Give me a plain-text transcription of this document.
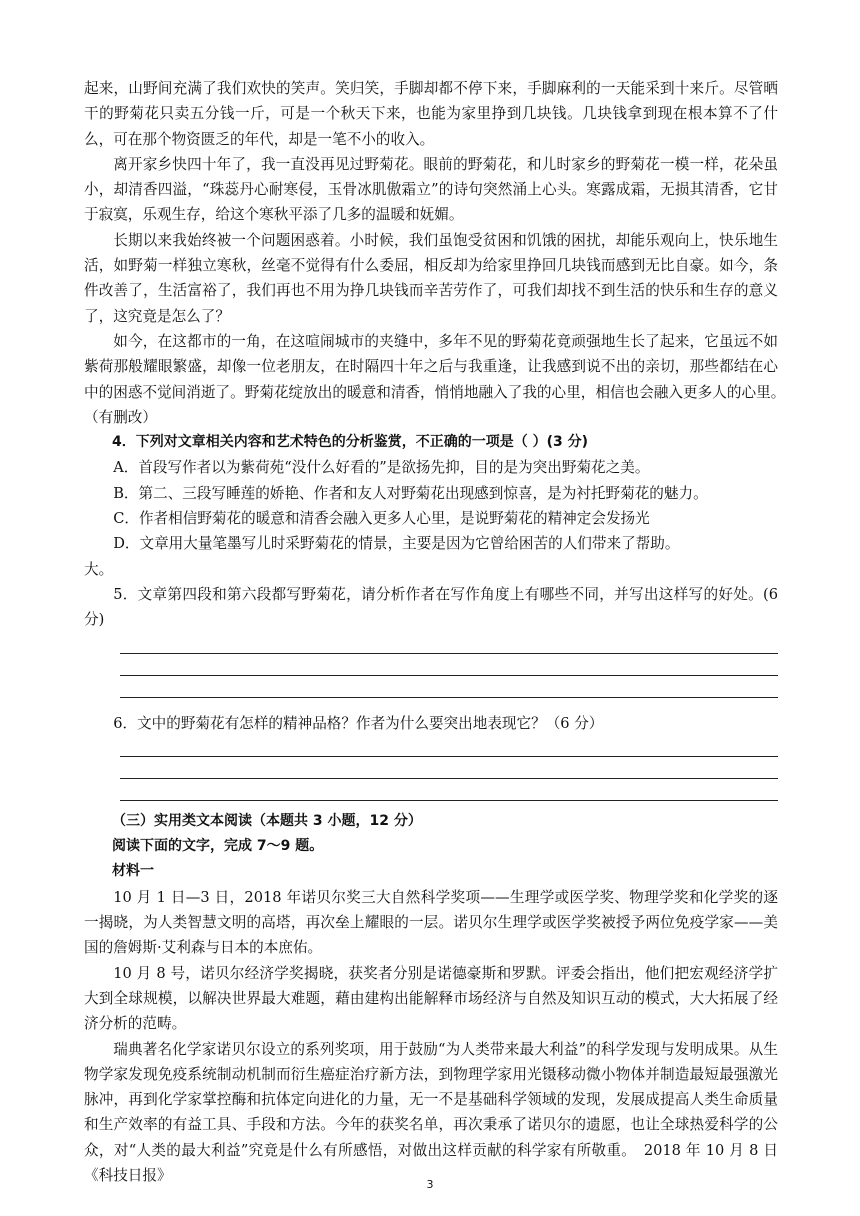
起来，山野间充满了我们欢快的笑声。笑归笑，手脚却都不停下来，手脚麻利的一天能采到十来斤。尽管晒干的野菊花只卖五分钱一斤，可是一个秋天下来，也能为家里挣到几块钱。几块钱拿到现在根本算不了什么，可在那个物资匮乏的年代，却是一笔不小的收入。

离开家乡快四十年了，我一直没再见过野菊花。眼前的野菊花，和儿时家乡的野菊花一模一样，花朵虽小，却清香四溢，“珠蕊丹心耐寒侵，玉骨冰肌傲霜立”的诗句突然涌上心头。寒露成霜，无损其清香，它甘于寂寞，乐观生存，给这个寒秋平添了几多的温暖和妩媚。

长期以来我始终被一个问题困惑着。小时候，我们虽饱受贫困和饥饿的困扰，却能乐观向上，快乐地生活，如野菊一样独立寒秋，丝毫不觉得有什么委屈，相反却为给家里挣回几块钱而感到无比自豪。如今，条件改善了，生活富裕了，我们再也不用为挣几块钱而辛苦劳作了，可我们却找不到生活的快乐和生存的意义了，这究竟是怎么了？

如今，在这都市的一角，在这喧闹城市的夹缝中，多年不见的野菊花竟顽强地生长了起来，它虽远不如紫荷那般耀眼繁盛，却像一位老朋友，在时隔四十年之后与我重逢，让我感到说不出的亲切，那些都结在心中的困惑不觉间消逝了。野菊花绽放出的暖意和清香，悄悄地融入了我的心里，相信也会融入更多人的心里。　　　　（有删改）

4．下列对文章相关内容和艺术特色的分析鉴赏，不正确的一项是（ ）(3 分)

A．首段写作者以为紫荷苑“没什么好看的”是欲扬先抑，目的是为突出野菊花之美。

B．第二、三段写睡莲的娇艳、作者和友人对野菊花出现感到惊喜，是为衬托野菊花的魅力。

C．作者相信野菊花的暖意和清香会融入更多人心里，是说野菊花的精神定会发扬光

D．文章用大量笔墨写儿时采野菊花的情景，主要是因为它曾给困苦的人们带来了帮助。

大。

5．文章第四段和第六段都写野菊花，请分析作者在写作角度上有哪些不同，并写出这样写的好处。(6 分)

6．文中的野菊花有怎样的精神品格？作者为什么要突出地表现它？（6 分）

（三）实用类文本阅读（本题共 3 小题，12 分）

阅读下面的文字，完成 7～9 题。

材料一

10 月 1 日—3 日，2018 年诺贝尔奖三大自然科学奖项——生理学或医学奖、物理学奖和化学奖的逐一揭晓，为人类智慧文明的高塔，再次垒上耀眼的一层。诺贝尔生理学或医学奖被授予两位免疫学家——美国的詹姆斯·艾利森与日本的本庶佑。

10 月 8 号，诺贝尔经济学奖揭晓，获奖者分别是诺德豪斯和罗默。评委会指出，他们把宏观经济学扩大到全球规模，以解决世界最大难题，藉由建构出能解释市场经济与自然及知识互动的模式，大大拓展了经济分析的范畴。

瑞典著名化学家诺贝尔设立的系列奖项，用于鼓励“为人类带来最大利益”的科学发现与发明成果。从生物学家发现免疫系统制动机制而衍生癌症治疗新方法，到物理学家用光镊移动微小物体并制造最短最强激光脉冲，再到化学家掌控酶和抗体定向进化的力量，无一不是基础科学领域的发现，发展成提高人类生命质量和生产效率的有益工具、手段和方法。今年的获奖名单，再次秉承了诺贝尔的遗愿，也让全球热爱科学的公众，对“人类的最大利益”究竟是什么有所感悟，对做出这样贡献的科学家有所敬重。　2018 年 10 月 8 日《科技日报》

3
